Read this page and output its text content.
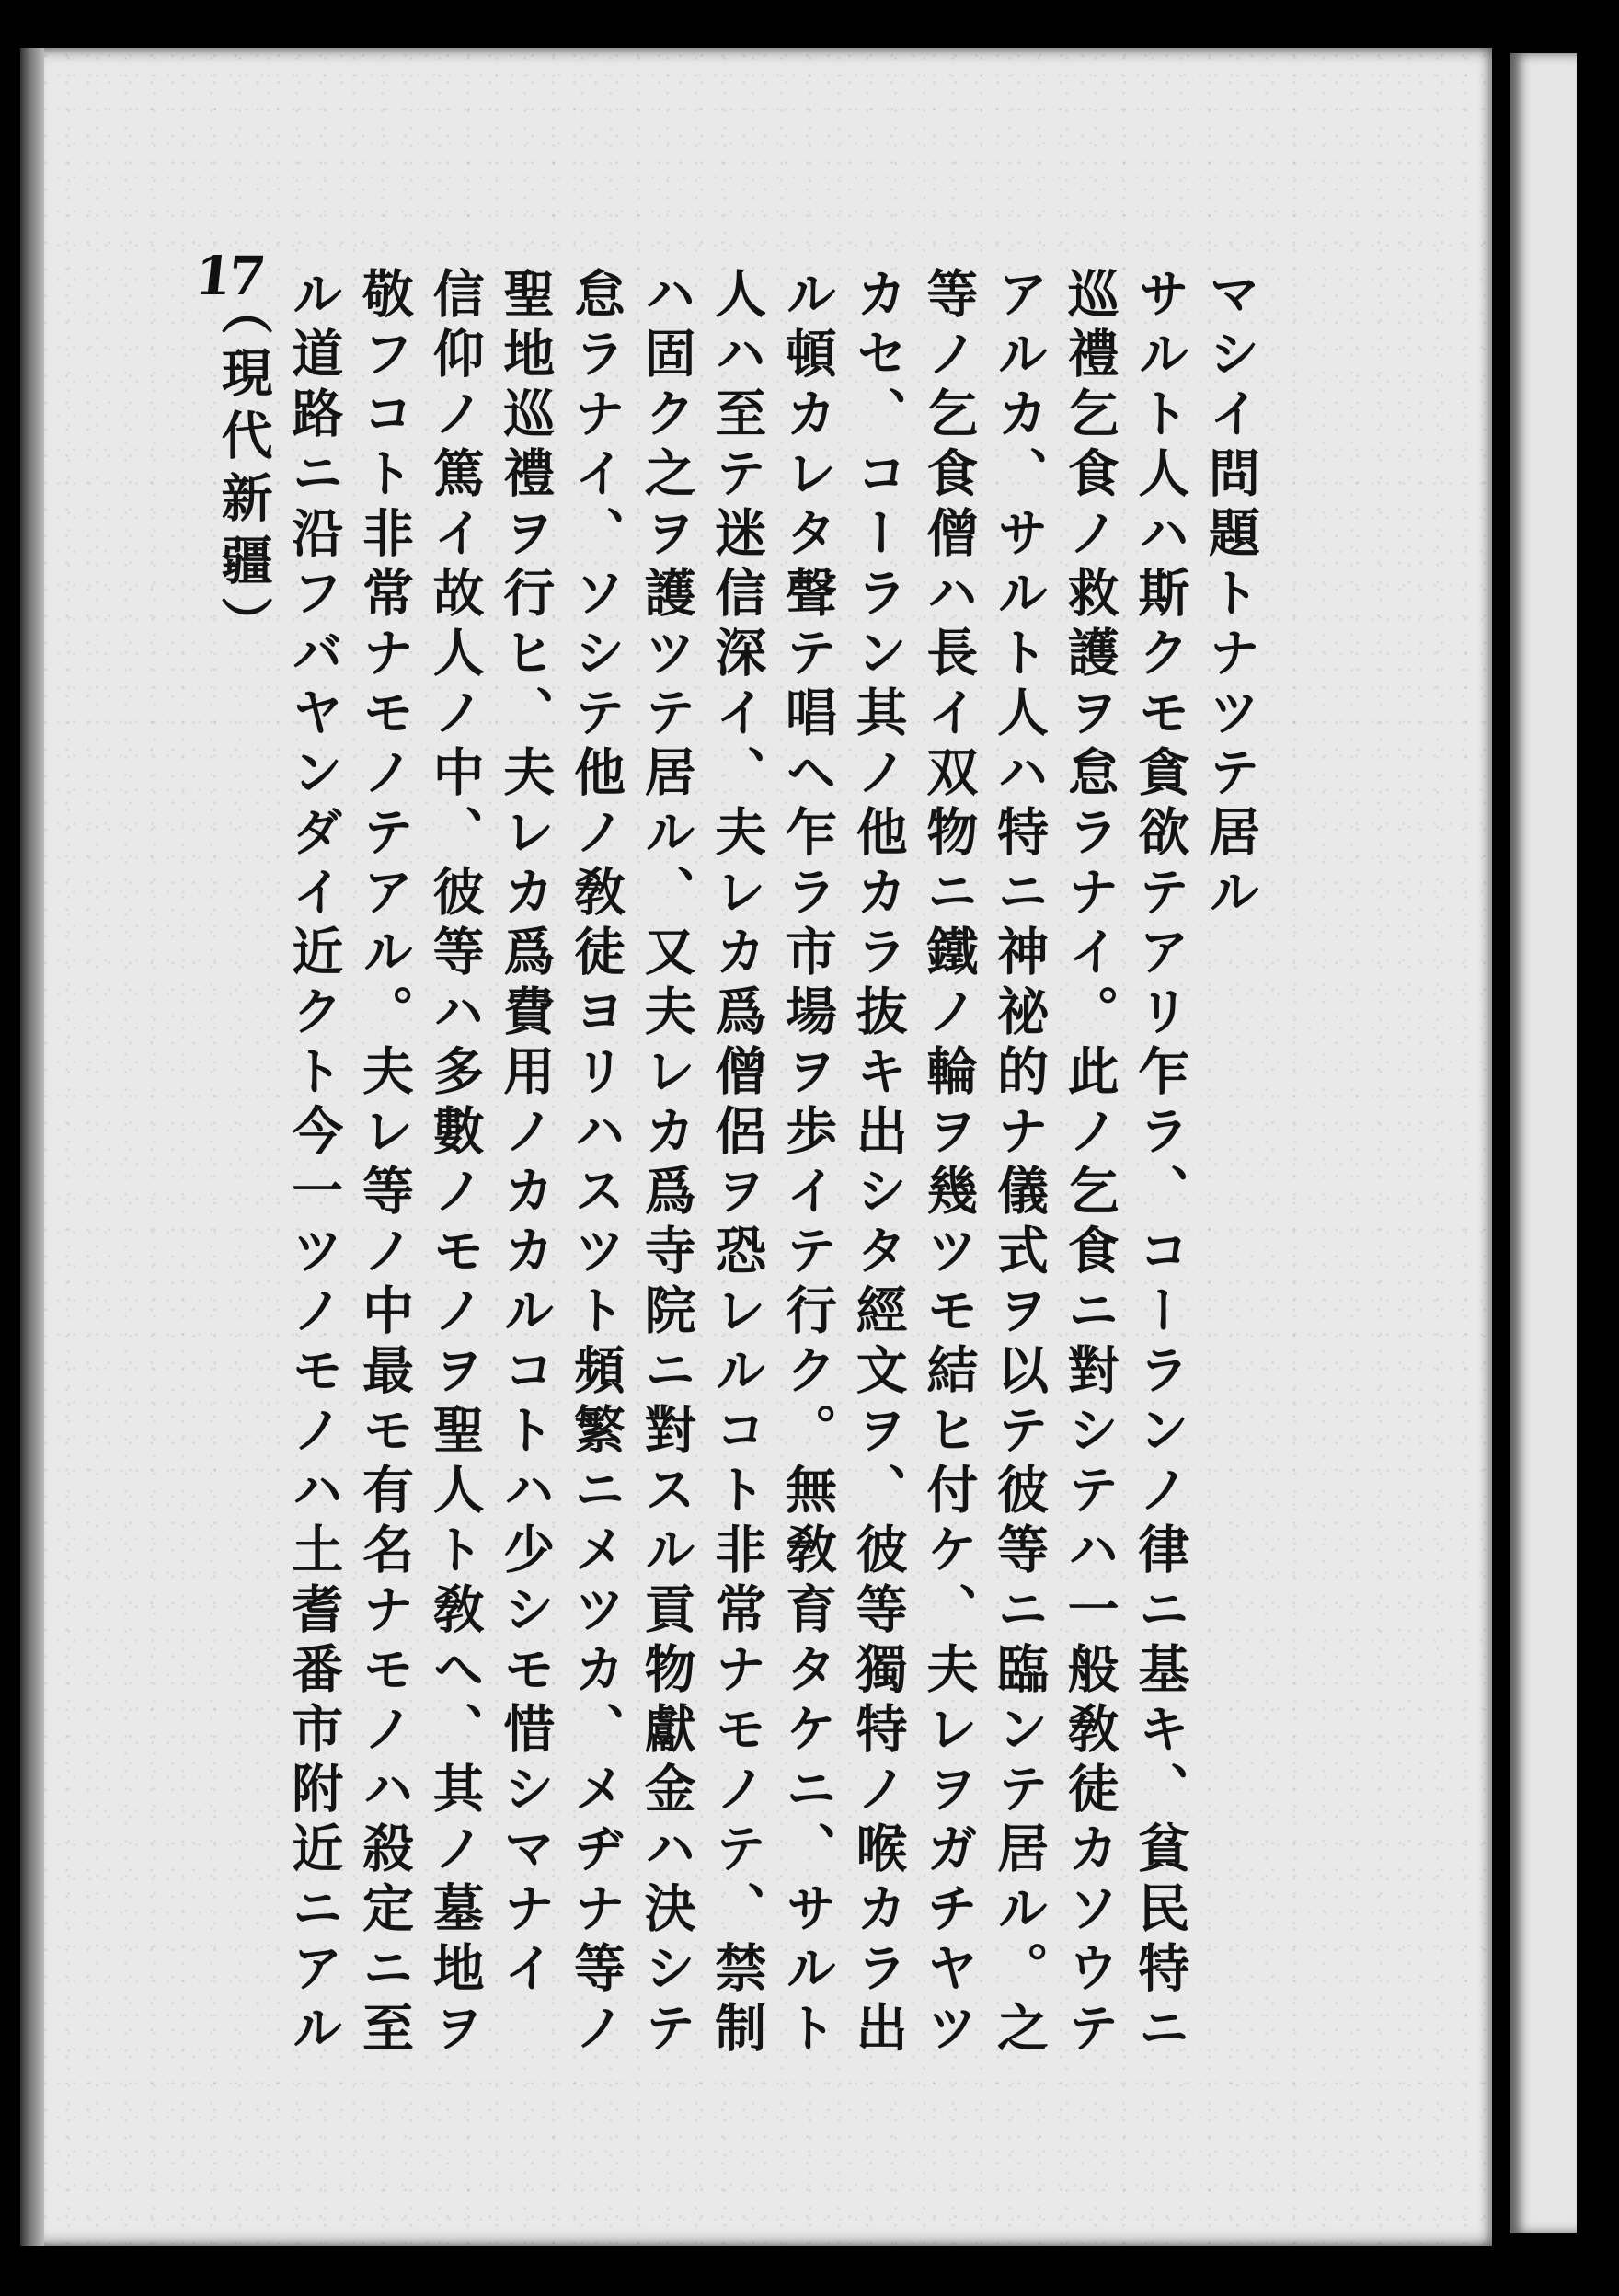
17	マシイ問題トナツテ居ル
サルト人ハ斯クモ貪欲テアリ乍ラ、コーランノ律ニ基キ、貧民特ニ
巡禮乞食ノ救護ヲ怠ラナイ。此ノ乞食ニ對シテハ一般敎徒カソウテ
アルカ、サルト人ハ特ニ神祕的ナ儀式ヲ以テ彼等ニ臨ンテ居ル。之
等ノ乞食僧ハ長イ双物ニ鐵ノ輪ヲ幾ツモ結ヒ付ケ、夫レヲガチヤツ
カセ、コーラン其ノ他カラ抜キ出シタ經文ヲ、彼等獨特ノ喉カラ出
ル頓カレタ聲テ唱ヘ乍ラ市場ヲ歩イテ行ク。無敎育タケニ、サルト
人ハ至テ迷信深イ、夫レカ爲僧侶ヲ恐レルコト非常ナモノテ、禁制
ハ固ク之ヲ護ツテ居ル、又夫レカ爲寺院ニ對スル貢物獻金ハ決シテ
怠ラナイ、ソシテ他ノ敎徒ヨリハスツト頻繁ニメツカ、メヂナ等ノ
聖地巡禮ヲ行ヒ、夫レカ爲費用ノカカルコトハ少シモ惜シマナイ
信仰ノ篤イ故人ノ中、彼等ハ多數ノモノヲ聖人ト敎へ、其ノ墓地ヲ
敬フコト非常ナモノテアル。夫レ等ノ中最モ有名ナモノハ殺定ニ至
ル道路ニ沿フバヤンダイ近クト今一ツノモノハ土耆番市附近ニアル
（現代新疆）
